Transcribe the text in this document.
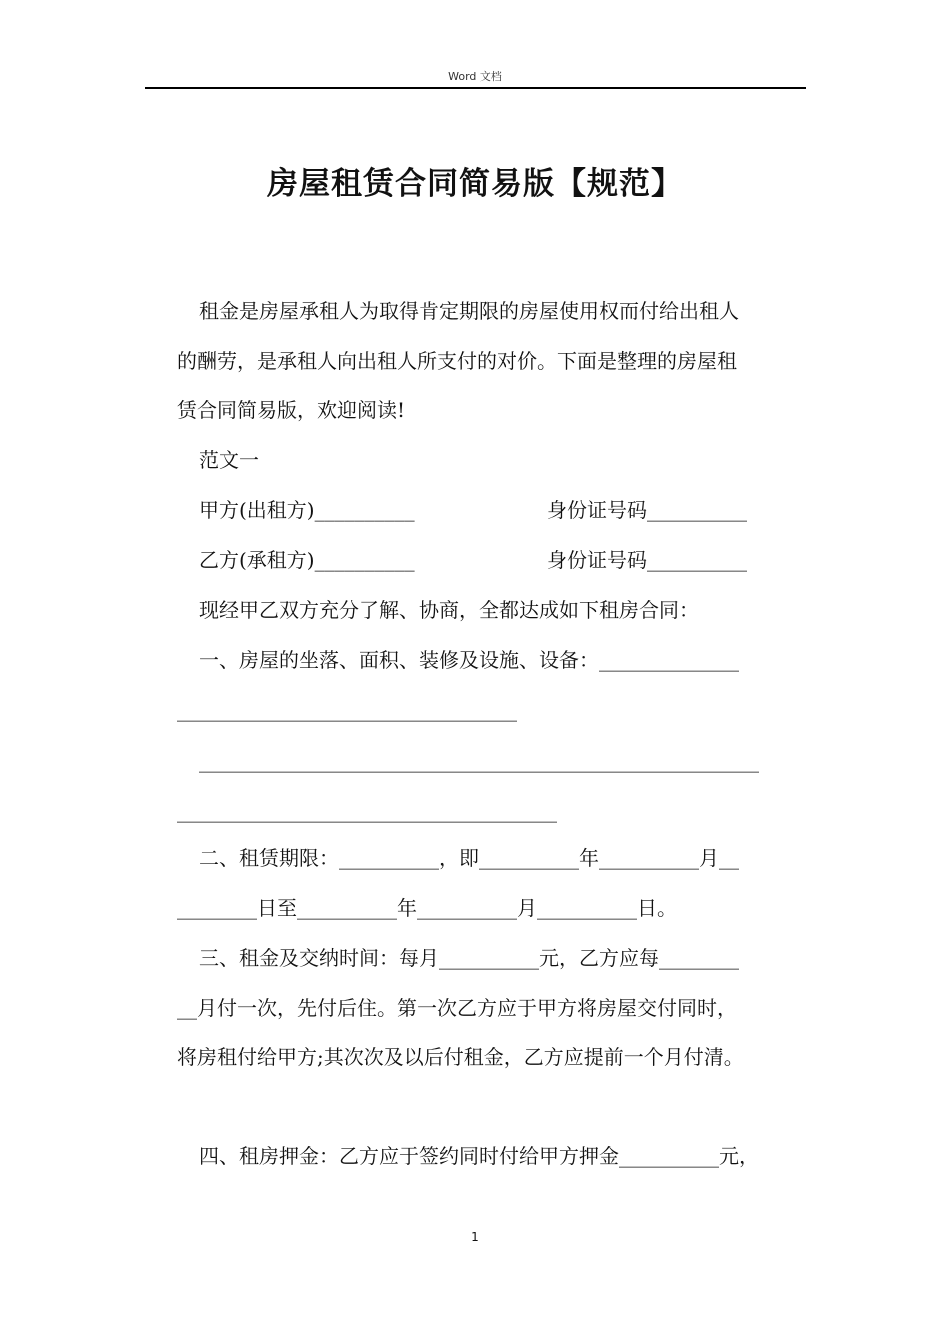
Word 文档
房屋租赁合同简易版【规范】
租金是房屋承租人为取得肯定期限的房屋使用权而付给出租人
的酬劳，是承租人向出租人所支付的对价。下面是整理的房屋租
赁合同简易版，欢迎阅读!
范文一
甲方(出租方)__________	身份证号码__________
乙方(承租方)__________	身份证号码__________
现经甲乙双方充分了解、协商，全都达成如下租房合同：
一、房屋的坐落、面积、装修及设施、设备：______________
__________________________________
________________________________________________________
______________________________________
二、租赁期限：__________，即__________年__________月__
________日至__________年__________月__________日。
三、租金及交纳时间：每月__________元，乙方应每________
__月付一次，先付后住。第一次乙方应于甲方将房屋交付同时，
将房租付给甲方;其次次及以后付租金，乙方应提前一个月付清。
四、租房押金：乙方应于签约同时付给甲方押金__________元，
1
